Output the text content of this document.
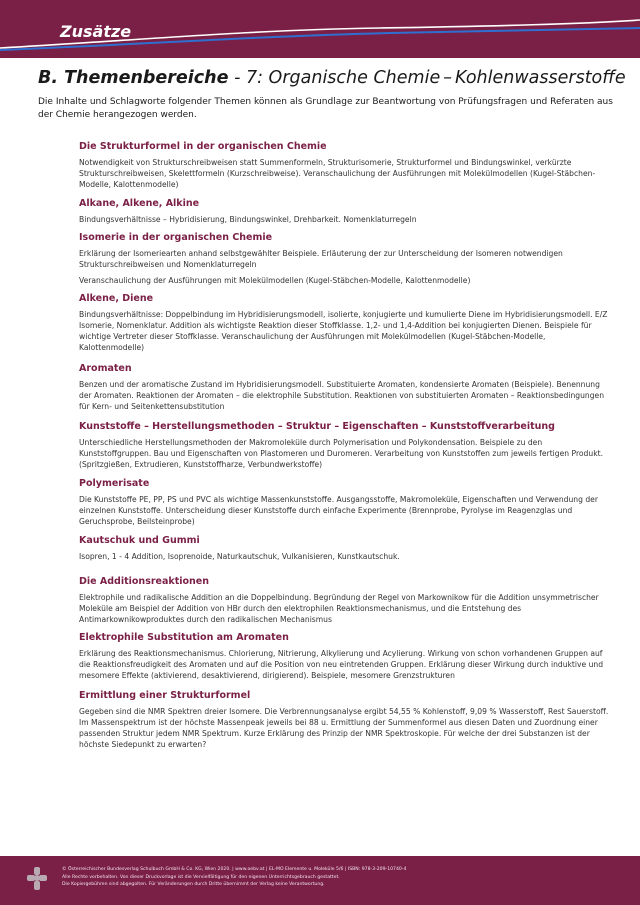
Zusätze
B. Themenbereiche - 7: Organische Chemie – Kohlenwasserstoffe
Die Inhalte und Schlagworte folgender Themen können als Grundlage zur Beantwortung von Prüfungsfragen und Referaten aus der Chemie herangezogen werden.
Die Strukturformel in der organischen Chemie

Notwendigkeit von Strukturschreibweisen statt Summenformeln, Strukturisomerie, Strukturformel und Bindungswinkel, verkürzte Strukturschreibweisen, Skelettformeln (Kurzschreibweise). Veranschaulichung der Ausführungen mit Molekülmodellen (Kugel-Stäbchen-Modelle, Kalottenmodelle)

Alkane, Alkene, Alkine

Bindungsverhältnisse – Hybridisierung, Bindungswinkel, Drehbarkeit. Nomenklaturregeln

Isomerie in der organischen Chemie

Erklärung der Isomeriearten anhand selbstgewählter Beispiele. Erläuterung der zur Unterscheidung der Isomeren notwendigen Strukturschreibweisen und Nomenklaturregeln

Veranschaulichung der Ausführungen mit Molekülmodellen (Kugel-Stäbchen-Modelle, Kalottenmodelle)

Alkene, Diene

Bindungsverhältnisse: Doppelbindung im Hybridisierungsmodell, isolierte, konjugierte und kumulierte Diene im Hybridisierungsmodell. E/Z Isomerie, Nomenklatur. Addition als wichtigste Reaktion dieser Stoffklasse. 1,2- und 1,4-Addition bei konjugierten Dienen. Beispiele für wichtige Vertreter dieser Stoffklasse. Veranschaulichung der Ausführungen mit Molekülmodellen (Kugel-Stäbchen-Modelle, Kalottenmodelle)

Aromaten

Benzen und der aromatische Zustand im Hybridisierungsmodell. Substituierte Aromaten, kondensierte Aromaten (Beispiele). Benennung der Aromaten. Reaktionen der Aromaten – die elektrophile Substitution. Reaktionen von substituierten Aromaten – Reaktionsbedingungen für Kern- und Seitenkettensubstitution

Kunststoffe – Herstellungsmethoden – Struktur – Eigenschaften – Kunststoffverarbeitung

Unterschiedliche Herstellungsmethoden der Makromoleküle durch Polymerisation und Polykondensation. Beispiele zu den Kunststoffgruppen. Bau und Eigenschaften von Plastomeren und Duromeren. Verarbeitung von Kunststoffen zum jeweils fertigen Produkt. (Spritzgießen, Extrudieren, Kunststoffharze, Verbundwerkstoffe)

Polymerisate

Die Kunststoffe PE, PP, PS und PVC als wichtige Massenkunststoffe. Ausgangsstoffe, Makromoleküle, Eigenschaften und Verwendung der einzelnen Kunststoffe. Unterscheidung dieser Kunststoffe durch einfache Experimente (Brennprobe, Pyrolyse im Reagenzglas und Geruchsprobe, Beilsteinprobe)

Kautschuk und Gummi

Isopren, 1 - 4 Addition, Isoprenoide, Naturkautschuk, Vulkanisieren, Kunstkautschuk.

Die Additionsreaktionen

Elektrophile und radikalische Addition an die Doppelbindung. Begründung der Regel von Markownikow für die Addition unsymmetrischer Moleküle am Beispiel der Addition von HBr durch den elektrophilen Reaktionsmechanismus, und die Entstehung des Antimarkownikowproduktes durch den radikalischen Mechanismus

Elektrophile Substitution am Aromaten

Erklärung des Reaktionsmechanismus. Chlorierung, Nitrierung, Alkylierung und Acylierung. Wirkung von schon vorhandenen Gruppen auf die Reaktionsfreudigkeit des Aromaten und auf die Position von neu eintretenden Gruppen. Erklärung dieser Wirkung durch induktive und mesomere Effekte (aktivierend, desaktivierend, dirigierend). Beispiele, mesomere Grenzstrukturen

Ermittlung einer Strukturformel

Gegeben sind die NMR Spektren dreier Isomere. Die Verbrennungsanalyse ergibt 54,55 % Kohlenstoff, 9,09 % Wasserstoff, Rest Sauerstoff. Im Massenspektrum ist der höchste Massenpeak jeweils bei 88 u. Ermittlung der Summenformel aus diesen Daten und Zuordnung einer passenden Struktur jedem NMR Spektrum. Kurze Erklärung des Prinzip der NMR Spektroskopie. Für welche der drei Substanzen ist der höchste Siedepunkt zu erwarten?

© Österreichischer Bundesverlag Schulbuch GmbH & Co. KG, Wien 2020. | www.oebv.at | EL-MO Elemente u. Moleküle 5/6 | ISBN: 978-3-209-10740-4
Alle Rechte vorbehalten. Von dieser Druckvorlage ist die Vervielfältigung für den eigenen Unterrichtsgebrauch gestattet.
Die Kopiergebühren sind abgegolten. Für Veränderungen durch Dritte übernimmt der Verlag keine Verantwortung.
